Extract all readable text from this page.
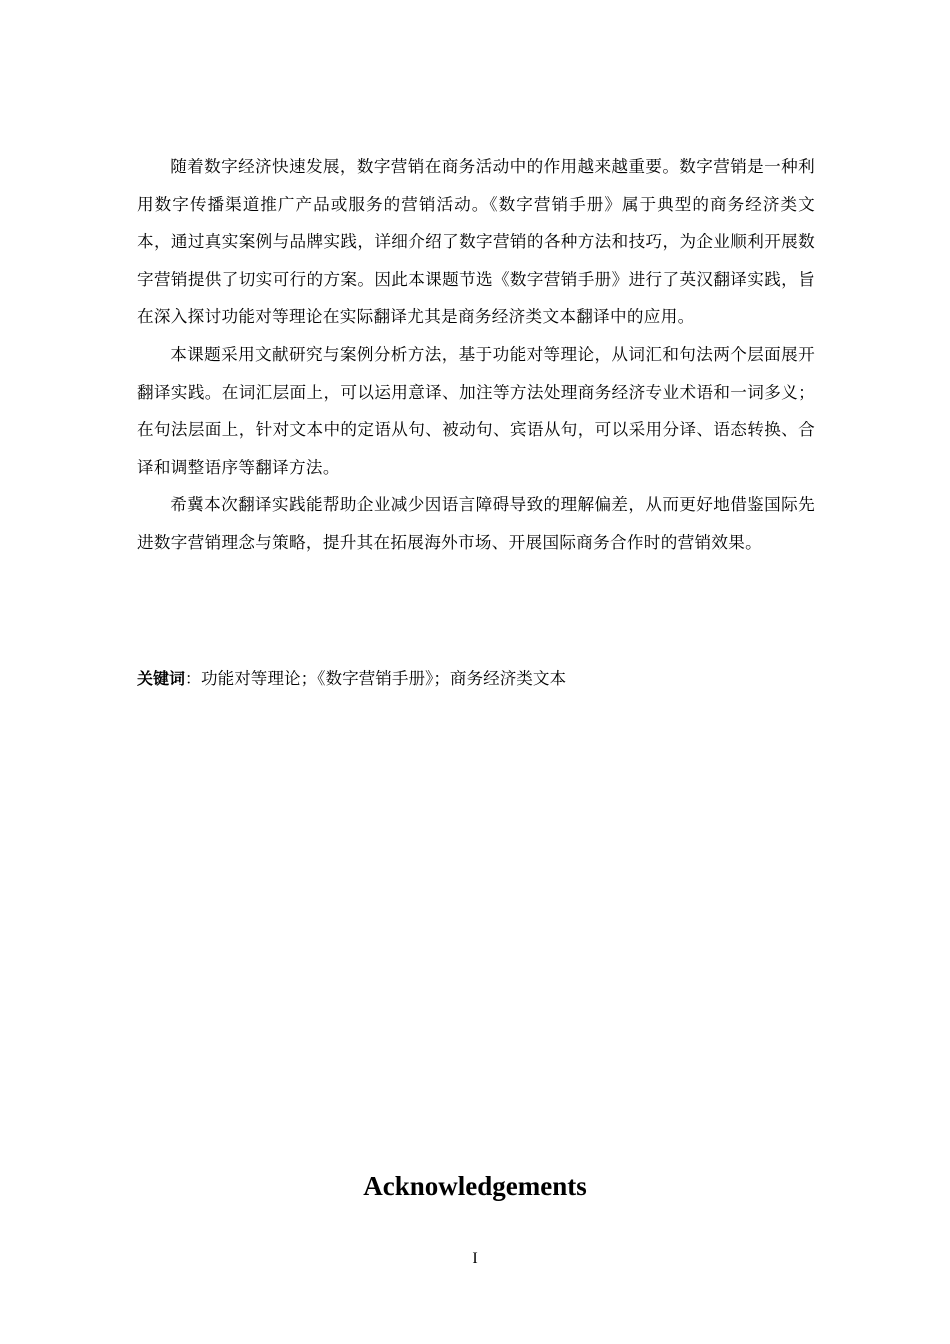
随着数字经济快速发展，数字营销在商务活动中的作用越来越重要。数字营销是一种利用数字传播渠道推广产品或服务的营销活动。《数字营销手册》属于典型的商务经济类文本，通过真实案例与品牌实践，详细介绍了数字营销的各种方法和技巧，为企业顺利开展数字营销提供了切实可行的方案。因此本课题节选《数字营销手册》进行了英汉翻译实践，旨在深入探讨功能对等理论在实际翻译尤其是商务经济类文本翻译中的应用。

本课题采用文献研究与案例分析方法，基于功能对等理论，从词汇和句法两个层面展开翻译实践。在词汇层面上，可以运用意译、加注等方法处理商务经济专业术语和一词多义；在句法层面上，针对文本中的定语从句、被动句、宾语从句，可以采用分译、语态转换、合译和调整语序等翻译方法。

希冀本次翻译实践能帮助企业减少因语言障碍导致的理解偏差，从而更好地借鉴国际先进数字营销理念与策略，提升其在拓展海外市场、开展国际商务合作时的营销效果。

关键词：功能对等理论；《数字营销手册》；商务经济类文本
Acknowledgements
I
